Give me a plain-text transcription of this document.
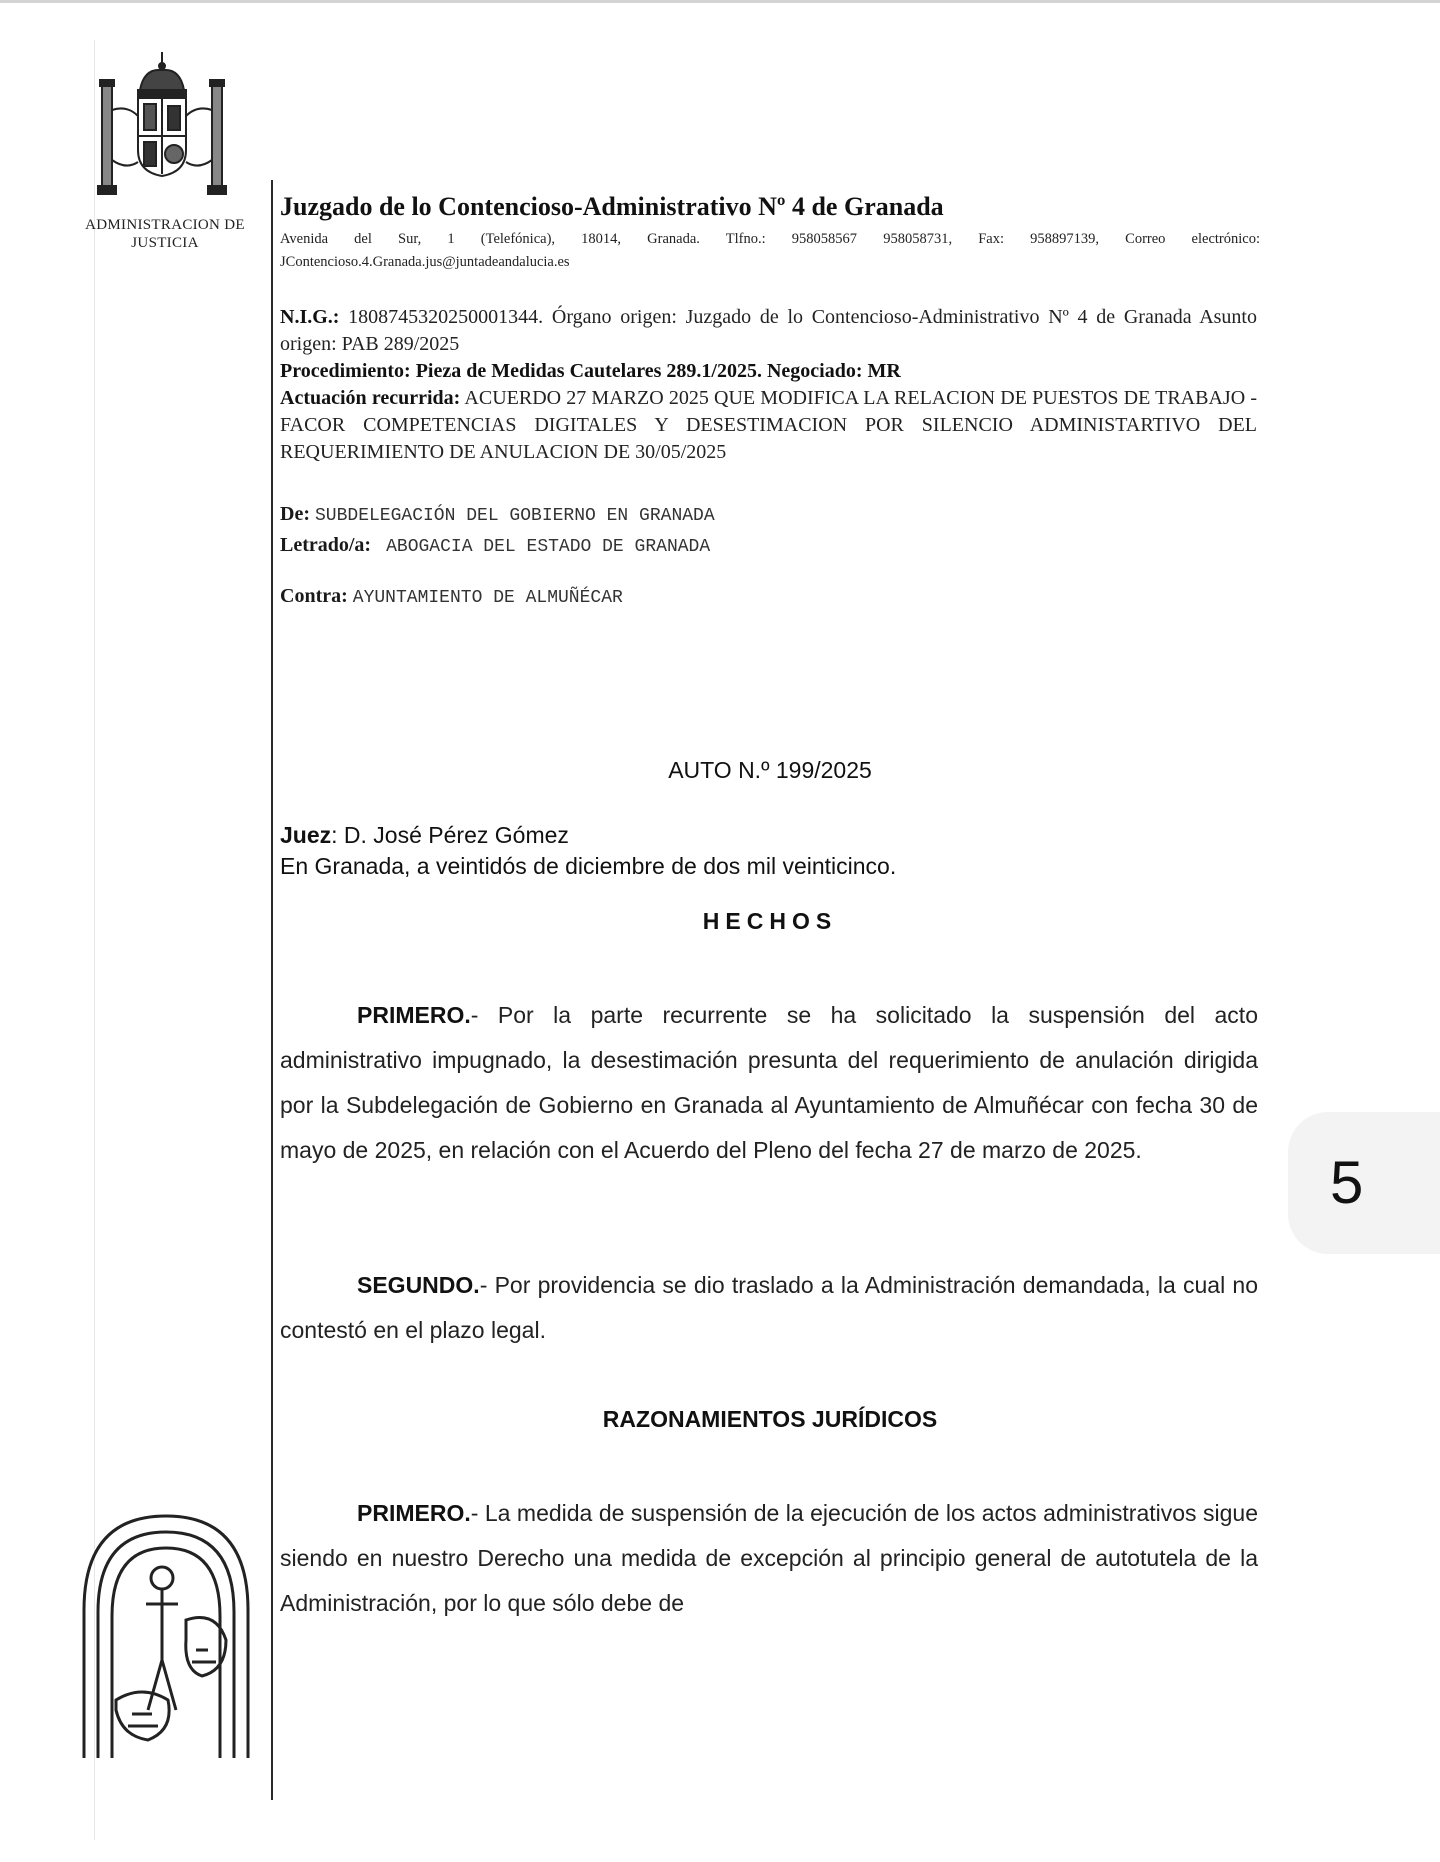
ADMINISTRACION DE JUSTICIA
Juzgado de lo Contencioso-Administrativo Nº 4 de Granada
Avenida del Sur, 1 (Telefónica), 18014, Granada. Tlfno.: 958058567 958058731, Fax: 958897139, Correo electrónico: JContencioso.4.Granada.jus@juntadeandalucia.es

N.I.G.: 1808745320250001344. Órgano origen: Juzgado de lo Contencioso-Administrativo Nº 4 de Granada Asunto origen: PAB 289/2025

Procedimiento: Pieza de Medidas Cautelares 289.1/2025. Negociado: MR

Actuación recurrida: ACUERDO 27 MARZO 2025 QUE MODIFICA LA RELACION DE PUESTOS DE TRABAJO - FACOR COMPETENCIAS DIGITALES Y DESESTIMACION POR SILENCIO ADMINISTARTIVO DEL REQUERIMIENTO DE ANULACION DE 30/05/2025

De: SUBDELEGACIÓN DEL GOBIERNO EN GRANADA
Letrado/a: ABOGACIA DEL ESTADO DE GRANADA
Contra: AYUNTAMIENTO DE ALMUÑÉCAR
AUTO N.º 199/2025
Juez: D. José Pérez Gómez
En Granada, a veintidós de diciembre de dos mil veinticinco.
HECHOS

PRIMERO.- Por la parte recurrente se ha solicitado la suspensión del acto administrativo impugnado, la desestimación presunta del requerimiento de anulación dirigida por la Subdelegación de Gobierno en Granada al Ayuntamiento de Almuñécar con fecha 30 de mayo de 2025, en relación con el Acuerdo del Pleno del fecha 27 de marzo de 2025.

SEGUNDO.- Por providencia se dio traslado a la Administración demandada, la cual no contestó en el plazo legal.

RAZONAMIENTOS JURÍDICOS

PRIMERO.- La medida de suspensión de la ejecución de los actos administrativos sigue siendo en nuestro Derecho una medida de excepción al principio general de autotutela de la Administración, por lo que sólo debe de

5
